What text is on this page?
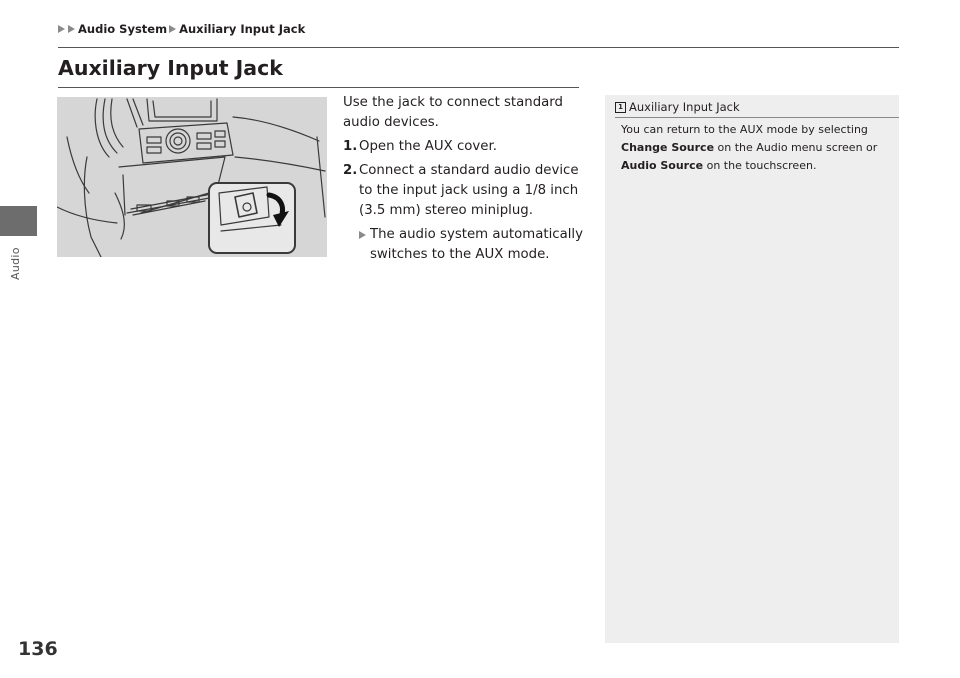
Audio System Auxiliary Input Jack
Audio
Auxiliary Input Jack

Use the jack to connect standard audio devices.

1. Open the AUX cover.
2. Connect a standard audio device to the input jack using a 1/8 inch (3.5 mm) stereo miniplug.
The audio system automatically switches to the AUX mode.
1 Auxiliary Input Jack
You can return to the AUX mode by selecting
Change Source on the Audio menu screen or
Audio Source on the touchscreen.
136
